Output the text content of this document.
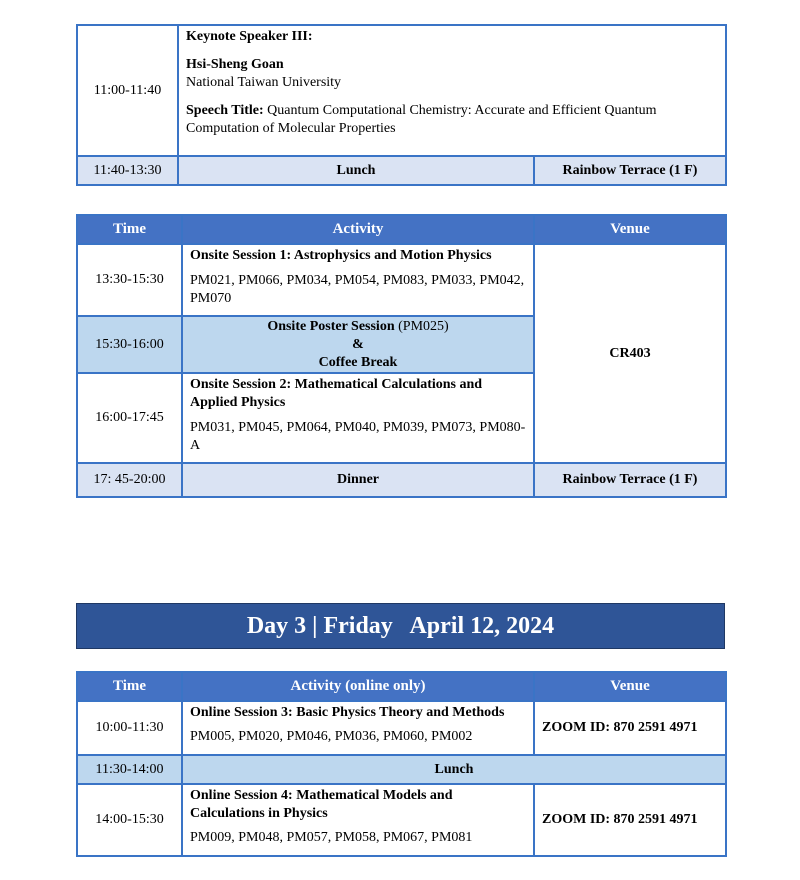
11:00-11:40	Keynote Speaker III:
Hsi-Sheng Goan
National Taiwan University
Speech Title: Quantum Computational Chemistry: Accurate and Efficient Quantum Computation of Molecular Properties	

11:40-13:30	Lunch	Rainbow Terrace (1 F)
Time	Activity	Venue
13:30-15:30	Onsite Session 1: Astrophysics and Motion Physics
PM021, PM066, PM034, PM054, PM083, PM033, PM042, PM070	CR403
15:30-16:00	Onsite Poster Session (PM025)
&
Coffee Break	

16:00-17:45	Onsite Session 2: Mathematical Calculations and Applied Physics
PM031, PM045, PM064, PM040, PM039, PM073, PM080-A	

17: 45-20:00	Dinner	Rainbow Terrace (1 F)
Day 3 | Friday   April 12, 2024
Time	Activity (online only)	Venue
10:00-11:30	Online Session 3: Basic Physics Theory and Methods
PM005, PM020, PM046, PM036, PM060, PM002	ZOOM ID: 870 2591 4971
11:30-14:00	Lunch	
14:00-15:30	Online Session 4: Mathematical Models and Calculations in Physics
PM009, PM048, PM057, PM058, PM067, PM081	ZOOM ID: 870 2591 4971
